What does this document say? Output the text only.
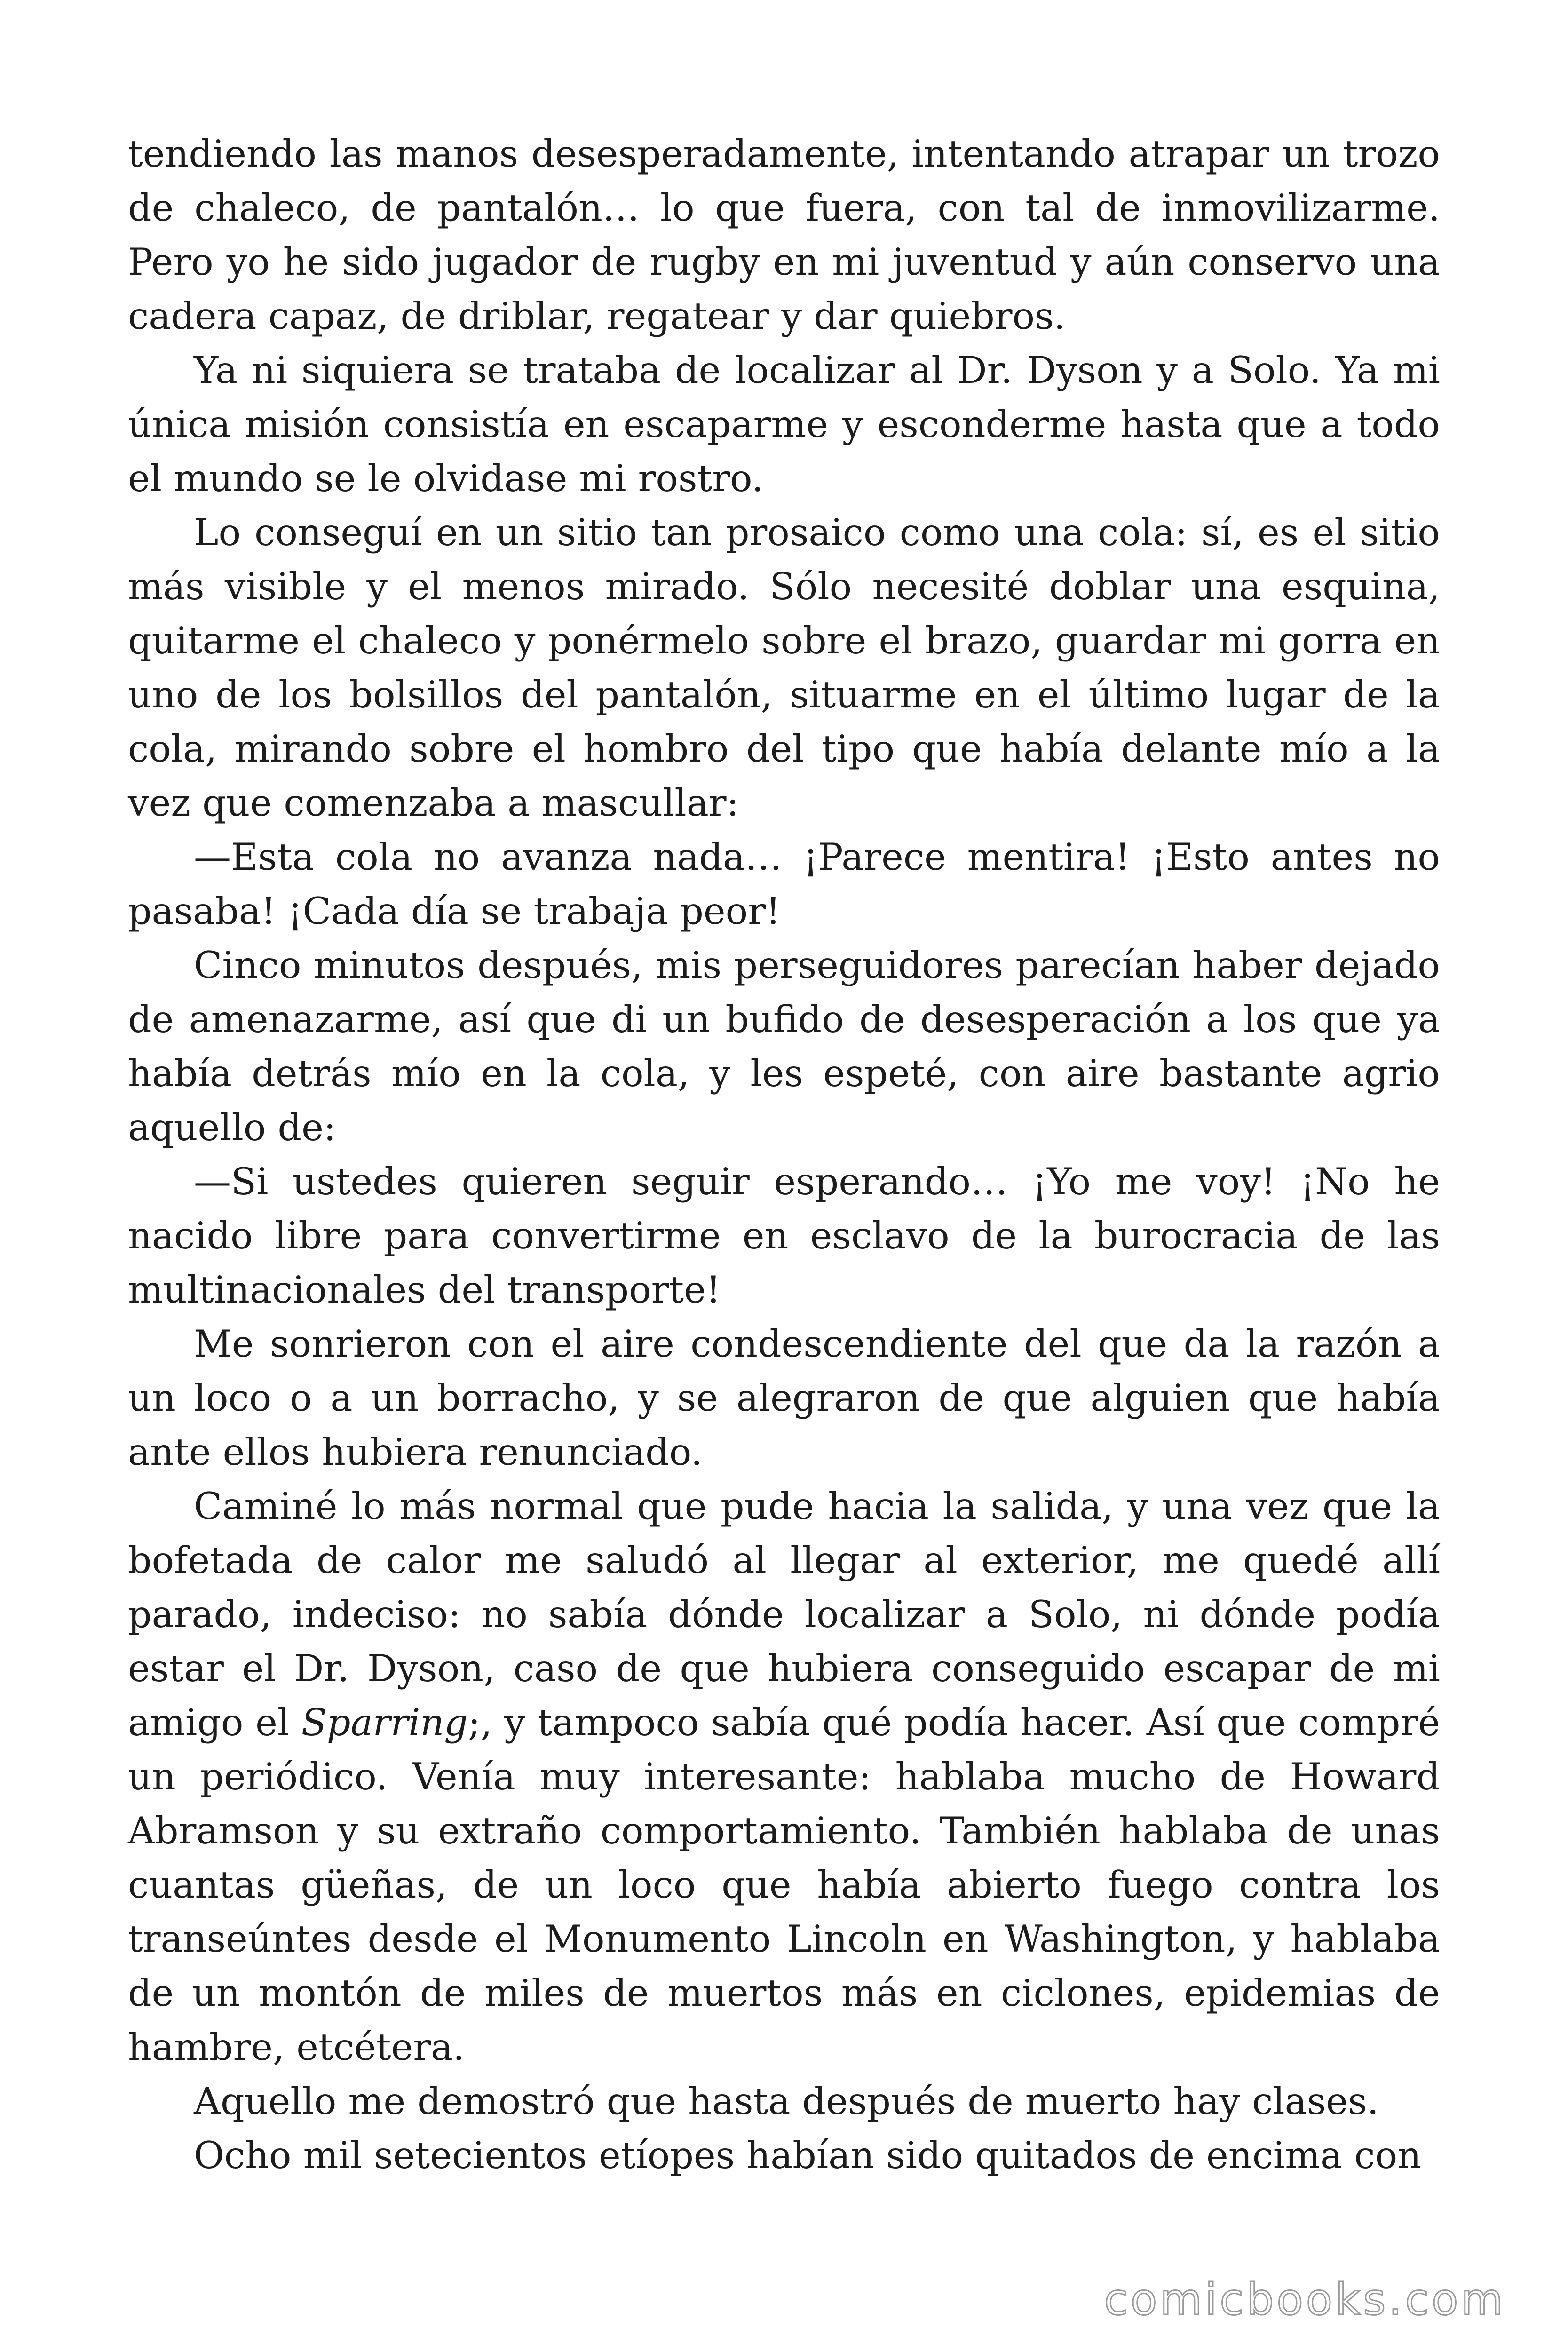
tendiendo las manos desesperadamente, intentando atrapar un trozo de chaleco, de pantalón… lo que fuera, con tal de inmovilizarme. Pero yo he sido jugador de rugby en mi juventud y aún conservo una cadera capaz, de driblar, regatear y dar quiebros.

Ya ni siquiera se trataba de localizar al Dr. Dyson y a Solo. Ya mi única misión consistía en escaparme y esconderme hasta que a todo el mundo se le olvidase mi rostro.

Lo conseguí en un sitio tan prosaico como una cola: sí, es el sitio más visible y el menos mirado. Sólo necesité doblar una esquina, quitarme el chaleco y ponérmelo sobre el brazo, guardar mi gorra en uno de los bolsillos del pantalón, situarme en el último lugar de la cola, mirando sobre el hombro del tipo que había delante mío a la vez que comenzaba a mascullar:

—Esta cola no avanza nada… ¡Parece mentira! ¡Esto antes no pasaba! ¡Cada día se trabaja peor!

Cinco minutos después, mis perseguidores parecían haber dejado de amenazarme, así que di un bufido de desesperación a los que ya había detrás mío en la cola, y les espeté, con aire bastante agrio aquello de:

—Si ustedes quieren seguir esperando… ¡Yo me voy! ¡No he nacido libre para convertirme en esclavo de la burocracia de las multinacionales del transporte!

Me sonrieron con el aire condescendiente del que da la razón a un loco o a un borracho, y se alegraron de que alguien que había ante ellos hubiera renunciado.

Caminé lo más normal que pude hacia la salida, y una vez que la bofetada de calor me saludó al llegar al exterior, me quedé allí parado, indeciso: no sabía dónde localizar a Solo, ni dónde podía estar el Dr. Dyson, caso de que hubiera conseguido escapar de mi amigo el Sparring;, y tampoco sabía qué podía hacer. Así que compré un periódico. Venía muy interesante: hablaba mucho de Howard Abramson y su extraño comportamiento. También hablaba de unas cuantas güeñas, de un loco que había abierto fuego contra los transeúntes desde el Monumento Lincoln en Washington, y hablaba de un montón de miles de muertos más en ciclones, epidemias de hambre, etcétera.

Aquello me demostró que hasta después de muerto hay clases.

Ocho mil setecientos etíopes habían sido quitados de encima con

comicbooks.com
